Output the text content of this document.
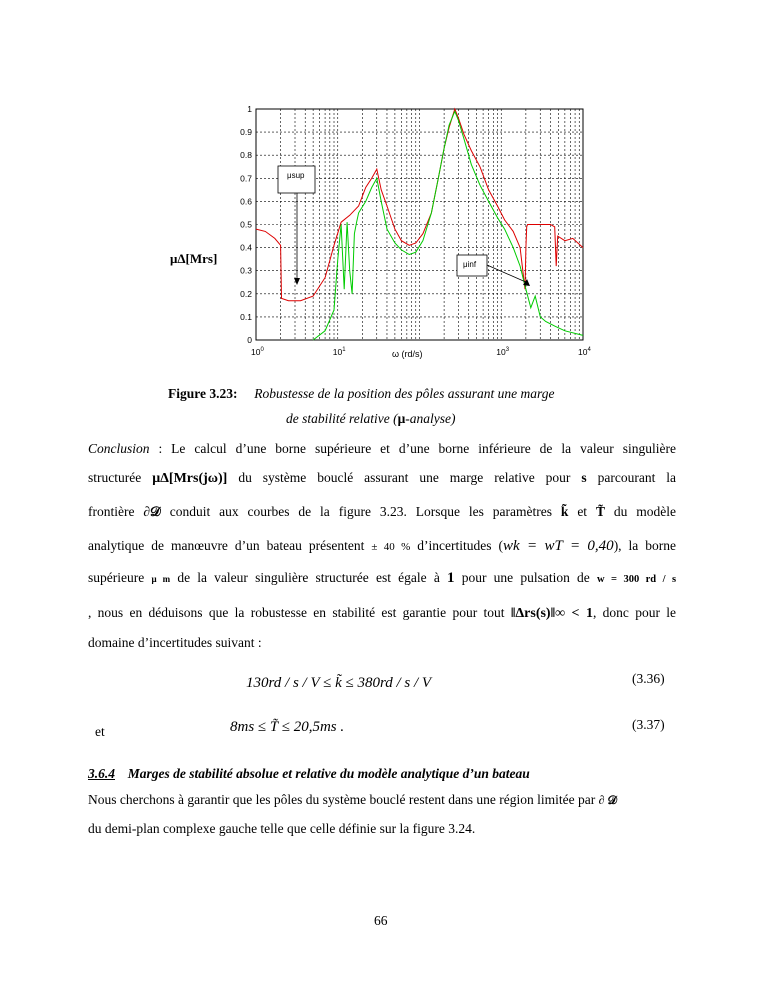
0
0.1
0.2
0.3
0.4
0.5
0.6
0.7
0.8
0.9
1
$10^0$	$10^1$	$10^3$	$10^4$
μsup
μinf
μΔ[Mrs]
ω (rd/s)
Figure 3.23: Robustesse de la position des pôles assurant une marge
de stabilité relative (μ-analyse)
Conclusion : Le calcul d’une borne supérieure et d’une borne inférieure de la valeur singulière
structurée μΔ[Mrs(jω)] du système bouclé assurant une marge relative pour s parcourant la
frontière ∂𝒟 conduit aux courbes de la figure 3.23. Lorsque les paramètres k̃ et T̃ du modèle
analytique de manœuvre d’un bateau présentent ± 40 % d’incertitudes (wk = wT = 0,40), la borne
supérieure μ m de la valeur singulière structurée est égale à 1 pour une pulsation de w = 300 rd / s
, nous en déduisons que la robustesse en stabilité est garantie pour tout ‖Δrs(s)‖∞ < 1, donc pour le
domaine d’incertitudes suivant :
130rd / s / V ≤ k̃ ≤ 380rd / s / V	(3.36)
et	8ms ≤ T̃ ≤ 20,5ms .	(3.37)
3.6.4 Marges de stabilité absolue et relative du modèle analytique d’un bateau
Nous cherchons à garantir que les pôles du système bouclé restent dans une région limitée par ∂ 𝒟
du demi-plan complexe gauche telle que celle définie sur la figure 3.24.
66
